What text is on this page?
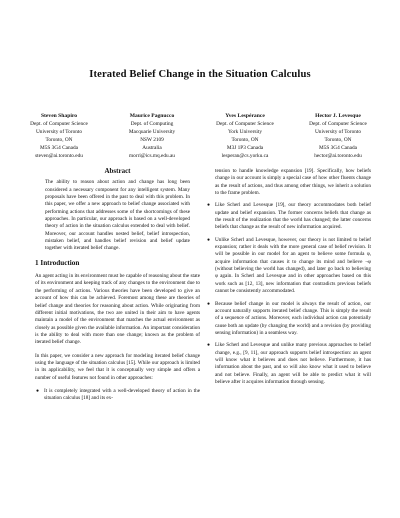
Iterated Belief Change in the Situation Calculus
Steven Shapiro
Dept. of Computer Science
University of Toronto
Toronto, ON
M5S 3G4 Canada
steven@ai.toronto.edu
Maurice Pagnucco
Dept. of Computing
Macquarie University
NSW 2109
Australia
morri@ics.mq.edu.au
Yves Lespérance
Dept. of Computer Science
York University
Toronto, ON
M3J 1P3 Canada
lesperan@cs.yorku.ca
Hector J. Levesque
Dept. of Computer Science
University of Toronto
Toronto, ON
M5S 3G4 Canada
hector@ai.toronto.edu
Abstract

The ability to reason about action and change has long been considered a necessary component for any intelligent system. Many proposals have been offered in the past to deal with this problem. In this paper, we offer a new approach to belief change associated with performing actions that addresses some of the shortcomings of these approaches. In particular, our approach is based on a well-developed theory of action in the situation calculus extended to deal with belief. Moreover, our account handles nested belief, belief introspection, mistaken belief, and handles belief revision and belief update together with iterated belief change.

1 Introduction

An agent acting in its environment must be capable of reasoning about the state of its environment and keeping track of any changes to the environment due to the performing of actions. Various theories have been developed to give an account of how this can be achieved. Foremost among these are theories of belief change and theories for reasoning about action. While originating from different initial motivations, the two are united in their aim to have agents maintain a model of the environment that matches the actual environment as closely as possible given the available information. An important consideration is the ability to deal with more than one change; known as the problem of iterated belief change.

In this paper, we consider a new approach for modeling iterated belief change using the language of the situation calculus [15]. While our approach is limited in its applicability, we feel that it is conceptually very simple and offers a number of useful features not found in other approaches:

● It is completely integrated with a well-developed theory of action in the situation calculus [18] and its ex-
tension to handle knowledge expansion [19]. Specifically, how beliefs change in our account is simply a special case of how other fluents change as the result of actions, and thus among other things, we inherit a solution to the frame problem.
● Like Scherl and Levesque [19], our theory accommodates both belief update and belief expansion. The former concerns beliefs that change as the result of the realization that the world has changed; the latter concerns beliefs that change as the result of new information acquired.
● Unlike Scherl and Levesque, however, our theory is not limited to belief expansion; rather it deals with the more general case of belief revision. It will be possible in our model for an agent to believe some formula φ, acquire information that causes it to change its mind and believe ¬φ (without believing the world has changed), and later go back to believing φ again. In Scherl and Levesque and in other approaches based on this work such as [12, 13], new information that contradicts previous beliefs cannot be consistently accommodated.
● Because belief change in our model is always the result of action, our account naturally supports iterated belief change. This is simply the result of a sequence of actions. Moreover, each individual action can potentially cause both an update (by changing the world) and a revision (by providing sensing information) in a seamless way.
● Like Scherl and Levesque and unlike many previous approaches to belief change, e.g., [9, 11], our approach supports belief introspection: an agent will know what it believes and does not believe. Furthermore, it has information about the past, and so will also know what it used to believe and not believe. Finally, an agent will be able to predict what it will believe after it acquires information through sensing.
